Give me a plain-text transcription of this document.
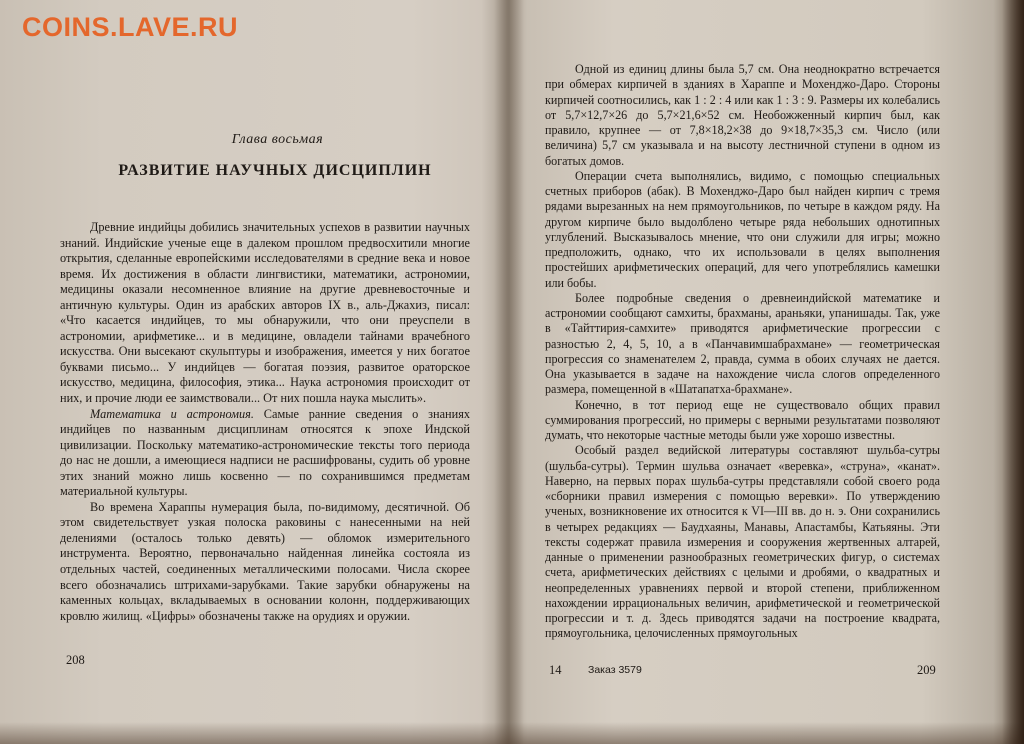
COINS.LAVE.RU
Глава восьмая
РАЗВИТИЕ НАУЧНЫХ ДИСЦИПЛИН

Древние индийцы добились значительных успехов в развитии научных знаний. Индийские ученые еще в далеком прошлом предвосхитили многие открытия, сделанные европейскими исследователями в средние века и новое время. Их достижения в области лингвистики, математики, астрономии, медицины оказали несомненное влияние на другие древневосточные и античную культуры. Один из арабских авторов IX в., аль-Джахиз, писал: «Что касается индийцев, то мы обнаружили, что они преуспели в астрономии, арифметике... и в медицине, овладели тайнами врачебного искусства. Они высекают скульптуры и изображения, имеется у них богатое буквами письмо... У индийцев — богатая поэзия, развитое ораторское искусство, медицина, философия, этика... Наука астрономия происходит от них, и прочие люди ее заимствовали... От них пошла наука мыслить».

Математика и астрономия. Самые ранние сведения о знаниях индийцев по названным дисциплинам относятся к эпохе Индской цивилизации. Поскольку математико-астрономические тексты того периода до нас не дошли, а имеющиеся надписи не расшифрованы, судить об уровне этих знаний можно лишь косвенно — по сохранившимся предметам материальной культуры.

Во времена Хараппы нумерация была, по-видимому, десятичной. Об этом свидетельствует узкая полоска раковины с нанесенными на ней делениями (осталось только девять) — обломок измерительного инструмента. Вероятно, первоначально найденная линейка состояла из отдельных частей, соединенных металлическими полосами. Числа скорее всего обозначались штрихами-зарубками. Такие зарубки обнаружены на каменных кольцах, вкладываемых в основании колонн, поддерживающих кровлю жилищ. «Цифры» обозначены также на орудиях и оружии.

208

Одной из единиц длины была 5,7 см. Она неоднократно встречается при обмерах кирпичей в зданиях в Хараппе и Мохенджо-Даро. Стороны кирпичей соотносились, как 1 : 2 : 4 или как 1 : 3 : 9. Размеры их колебались от 5,7×12,7×26 до 5,7×21,6×52 см. Необожженный кирпич был, как правило, крупнее — от 7,8×18,2×38 до 9×18,7×35,3 см. Число (или величина) 5,7 см указывала и на высоту лестничной ступени в одном из богатых домов.

Операции счета выполнялись, видимо, с помощью специальных счетных приборов (абак). В Мохенджо-Даро был найден кирпич с тремя рядами вырезанных на нем прямоугольников, по четыре в каждом ряду. На другом кирпиче было выдолблено четыре ряда небольших однотипных углублений. Высказывалось мнение, что они служили для игры; можно предположить, однако, что их использовали в целях выполнения простейших арифметических операций, для чего употреблялись камешки или бобы.

Более подробные сведения о древнеиндийской математике и астрономии сообщают самхиты, брахманы, араньяки, упанишады. Так, уже в «Тайттирия-самхите» приводятся арифметические прогрессии с разностью 2, 4, 5, 10, а в «Панчавимшабрахмане» — геометрическая прогрессия со знаменателем 2, правда, сумма в обоих случаях не дается. Она указывается в задаче на нахождение числа слогов определенного размера, помещенной в «Шатапатха-брахмане».

Конечно, в тот период еще не существовало общих правил суммирования прогрессий, но примеры с верными результатами позволяют думать, что некоторые частные методы были уже хорошо известны.

Особый раздел ведийской литературы составляют шульба-сутры (шульба-сутры). Термин шульва означает «веревка», «струна», «канат». Наверно, на первых порах шульба-сутры представляли собой своего рода «сборники правил измерения с помощью веревки». По утверждению ученых, возникновение их относится к VI—III вв. до н. э. Они сохранились в четырех редакциях — Баудхаяны, Манавы, Апастамбы, Катьяяны. Эти тексты содержат правила измерения и сооружения жертвенных алтарей, данные о применении разнообразных геометрических фигур, о системах счета, арифметических действиях с целыми и дробями, о квадратных и неопределенных уравнениях первой и второй степени, приближенном нахождении иррациональных величин, арифметической и геометрической прогрессии и т. д. Здесь приводятся задачи на построение квадрата, прямоугольника, целочисленных прямоугольных

14	Заказ 3579	209
